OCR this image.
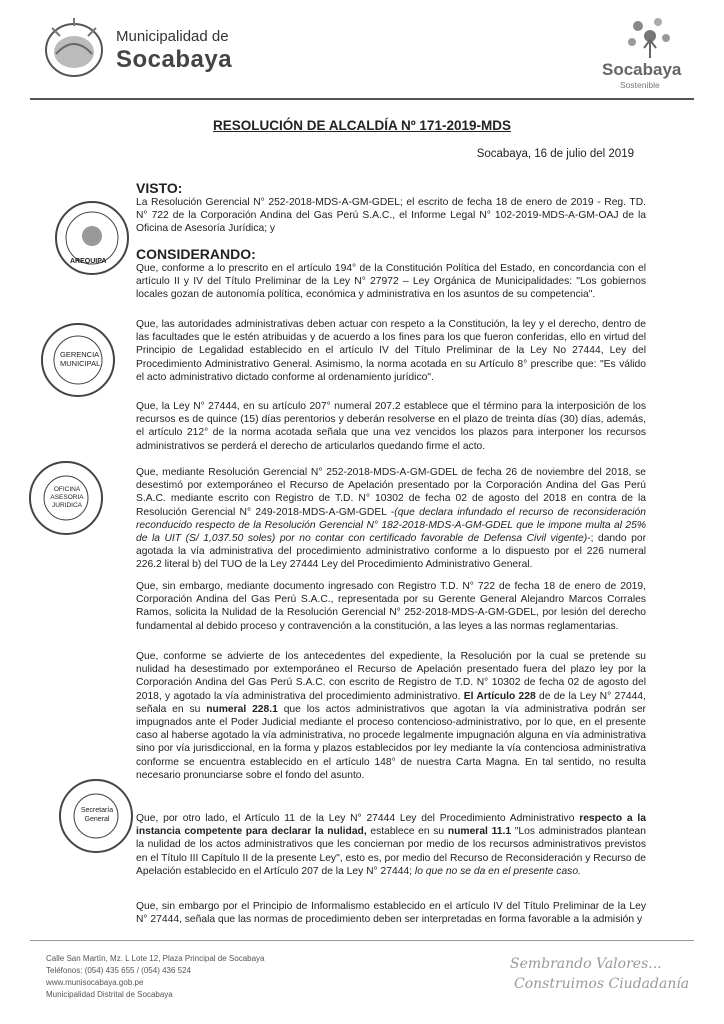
Municipalidad de
Socabaya	Socabaya
Sostenible
RESOLUCIÓN DE ALCALDÍA Nº 171-2019-MDS
Socabaya, 16 de julio del 2019
VISTO:
La Resolución Gerencial N° 252-2018-MDS-A-GM-GDEL; el escrito de fecha 18 de enero de 2019 - Reg. TD. N° 722 de la Corporación Andina del Gas Perú S.A.C., el Informe Legal N° 102-2019-MDS-A-GM-OAJ de la Oficina de Asesoría Jurídica; y
CONSIDERANDO:
Que, conforme a lo prescrito en el artículo 194° de la Constitución Política del Estado, en concordancia con el artículo II y IV del Título Preliminar de la Ley N° 27972 – Ley Orgánica de Municipalidades: "Los gobiernos locales gozan de autonomía política, económica y administrativa en los asuntos de su competencia".
Que, las autoridades administrativas deben actuar con respeto a la Constitución, la ley y el derecho, dentro de las facultades que le estén atribuidas y de acuerdo a los fines para los que fueron conferidas, ello en virtud del Principio de Legalidad establecido en el artículo IV del Título Preliminar de la Ley No 27444, Ley del Procedimiento Administrativo General. Asimismo, la norma acotada en su Artículo 8° prescribe que: "Es válido el acto administrativo dictado conforme al ordenamiento jurídico".
Que, la Ley N° 27444, en su artículo 207° numeral 207.2 establece que el término para la interposición de los recursos es de quince (15) días perentorios y deberán resolverse en el plazo de treinta días (30) días, además, el artículo 212° de la norma acotada señala que una vez vencidos los plazos para interponer los recursos administrativos se perderá el derecho de articularlos quedando firme el acto.
Que, mediante Resolución Gerencial N° 252-2018-MDS-A-GM-GDEL de fecha 26 de noviembre del 2018, se desestimó por extemporáneo el Recurso de Apelación presentado por la Corporación Andina del Gas Perú S.A.C. mediante escrito con Registro de T.D. N° 10302 de fecha 02 de agosto del 2018 en contra de la Resolución Gerencial N° 249-2018-MDS-A-GM-GDEL -(que declara infundado el recurso de reconsideración reconducido respecto de la Resolución Gerencial N° 182-2018-MDS-A-GM-GDEL que le impone multa al 25% de la UIT (S/ 1,037.50 soles) por no contar con certificado favorable de Defensa Civil vigente)-; dando por agotada la vía administrativa del procedimiento administrativo conforme a lo dispuesto por el 226 numeral 226.2 literal b) del TUO de la Ley 27444 Ley del Procedimiento Administrativo General.
Que, sin embargo, mediante documento ingresado con Registro T.D. N° 722 de fecha 18 de enero de 2019, Corporación Andina del Gas Perú S.A.C., representada por su Gerente General Alejandro Marcos Corrales Ramos, solicita la Nulidad de la Resolución Gerencial N° 252-2018-MDS-A-GM-GDEL, por lesión del derecho fundamental al debido proceso y contravención a la constitución, a las leyes a las normas reglamentarias.
Que, conforme se advierte de los antecedentes del expediente, la Resolución por la cual se pretende su nulidad ha desestimado por extemporáneo el Recurso de Apelación presentado fuera del plazo ley por la Corporación Andina del Gas Perú S.A.C. con escrito de Registro de T.D. N° 10302 de fecha 02 de agosto del 2018, y agotado la vía administrativa del procedimiento administrativo. El Artículo 228 de de la Ley N° 27444, señala en su numeral 228.1 que los actos administrativos que agotan la vía administrativa podrán ser impugnados ante el Poder Judicial mediante el proceso contencioso-administrativo, por lo que, en el presente caso al haberse agotado la vía administrativa, no procede legalmente impugnación alguna en vía administrativa sino por vía jurisdiccional, en la forma y plazos establecidos por ley mediante la vía contenciosa administrativa conforme se encuentra establecido en el artículo 148° de nuestra Carta Magna. En tal sentido, no resulta necesario pronunciarse sobre el fondo del asunto.
Que, por otro lado, el Artículo 11 de la Ley N° 27444 Ley del Procedimiento Administrativo respecto a la instancia competente para declarar la nulidad, establece en su numeral 11.1 "Los administrados plantean la nulidad de los actos administrativos que les conciernan por medio de los recursos administrativos previstos en el Título III Capítulo II de la presente Ley", esto es, por medio del Recurso de Reconsideración y Recurso de Apelación establecido en el Artículo 207 de la Ley N° 27444; lo que no se da en el presente caso.
Que, sin embargo por el Principio de Informalismo establecido en el artículo IV del Título Preliminar de la Ley N° 27444, señala que las normas de procedimiento deben ser interpretadas en forma favorable a la admisión y
AREQUIPA
GERENCIA MUNICIPAL
OFICINA ASESORIA JURIDICA
Secretaría General
Calle San Martín, Mz. L Lote 12, Plaza Principal de Socabaya
Teléfonos: (054) 435 655 / (054) 436 524
www.munisocabaya.gob.pe
Municipalidad Distrital de Socabaya
Sembrando Valores...
Construimos Ciudadanía
